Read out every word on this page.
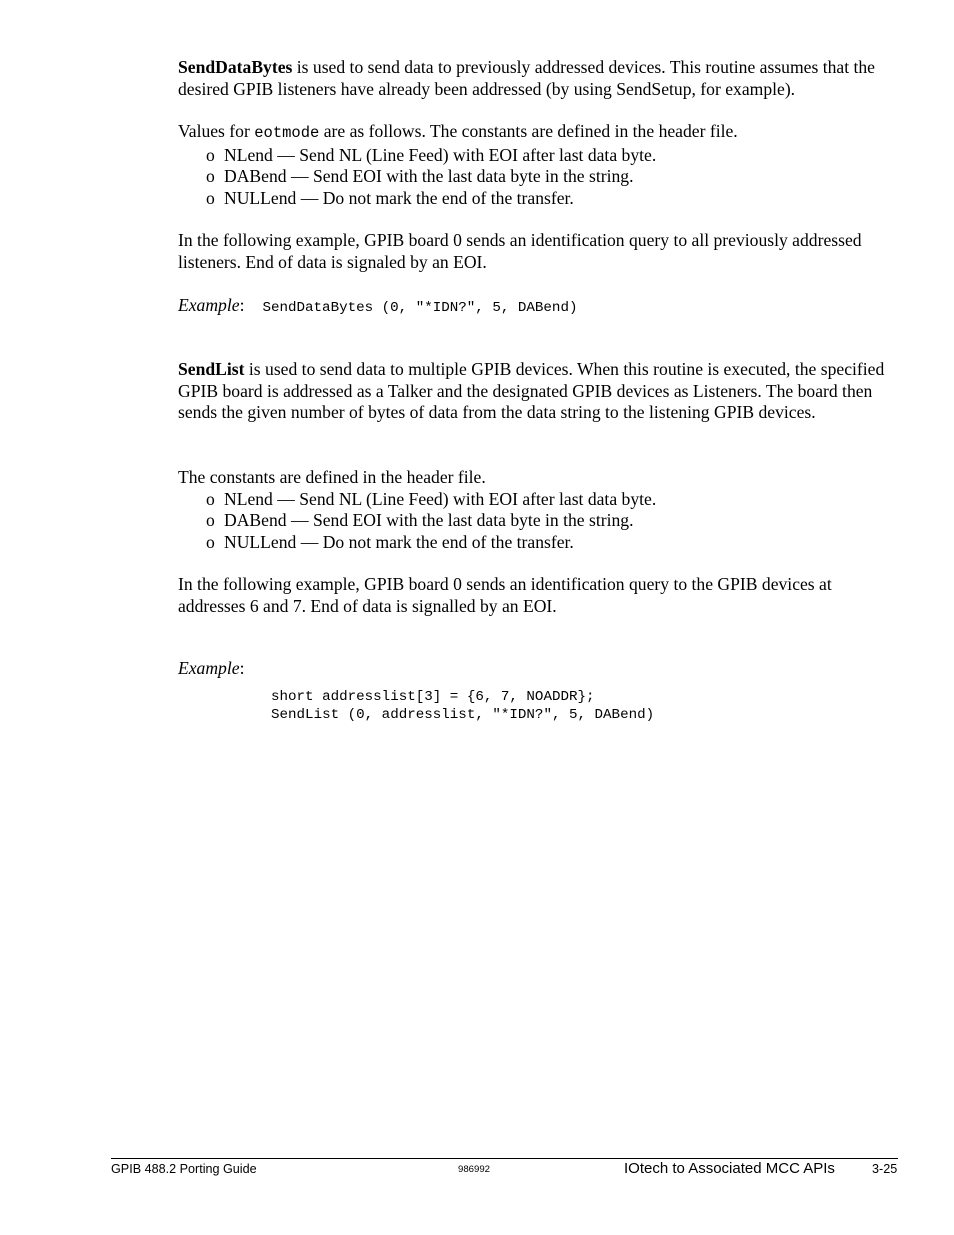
SendDataBytes is used to send data to previously addressed devices. This routine assumes that the desired GPIB listeners have already been addressed (by using SendSetup, for example).

Values for eotmode are as follows. The constants are defined in the header file.

o NLend — Send NL (Line Feed) with EOI after last data byte.
o DABend — Send EOI with the last data byte in the string.
o NULLend — Do not mark the end of the transfer.

In the following example, GPIB board 0 sends an identification query to all previously addressed listeners. End of data is signaled by an EOI.

Example: SendDataBytes (0, "*IDN?", 5, DABend)

SendList is used to send data to multiple GPIB devices. When this routine is executed, the specified GPIB board is addressed as a Talker and the designated GPIB devices as Listeners. The board then sends the given number of bytes of data from the data string to the listening GPIB devices.

The constants are defined in the header file.

o NLend — Send NL (Line Feed) with EOI after last data byte.
o DABend — Send EOI with the last data byte in the string.
o NULLend — Do not mark the end of the transfer.

In the following example, GPIB board 0 sends an identification query to the GPIB devices at addresses 6 and 7. End of data is signalled by an EOI.

Example:

short addresslist[3] = {6, 7, NOADDR};
SendList (0, addresslist, "*IDN?", 5, DABend)
GPIB 488.2 Porting Guide	986992	IOtech to Associated MCC APIs	3-25
